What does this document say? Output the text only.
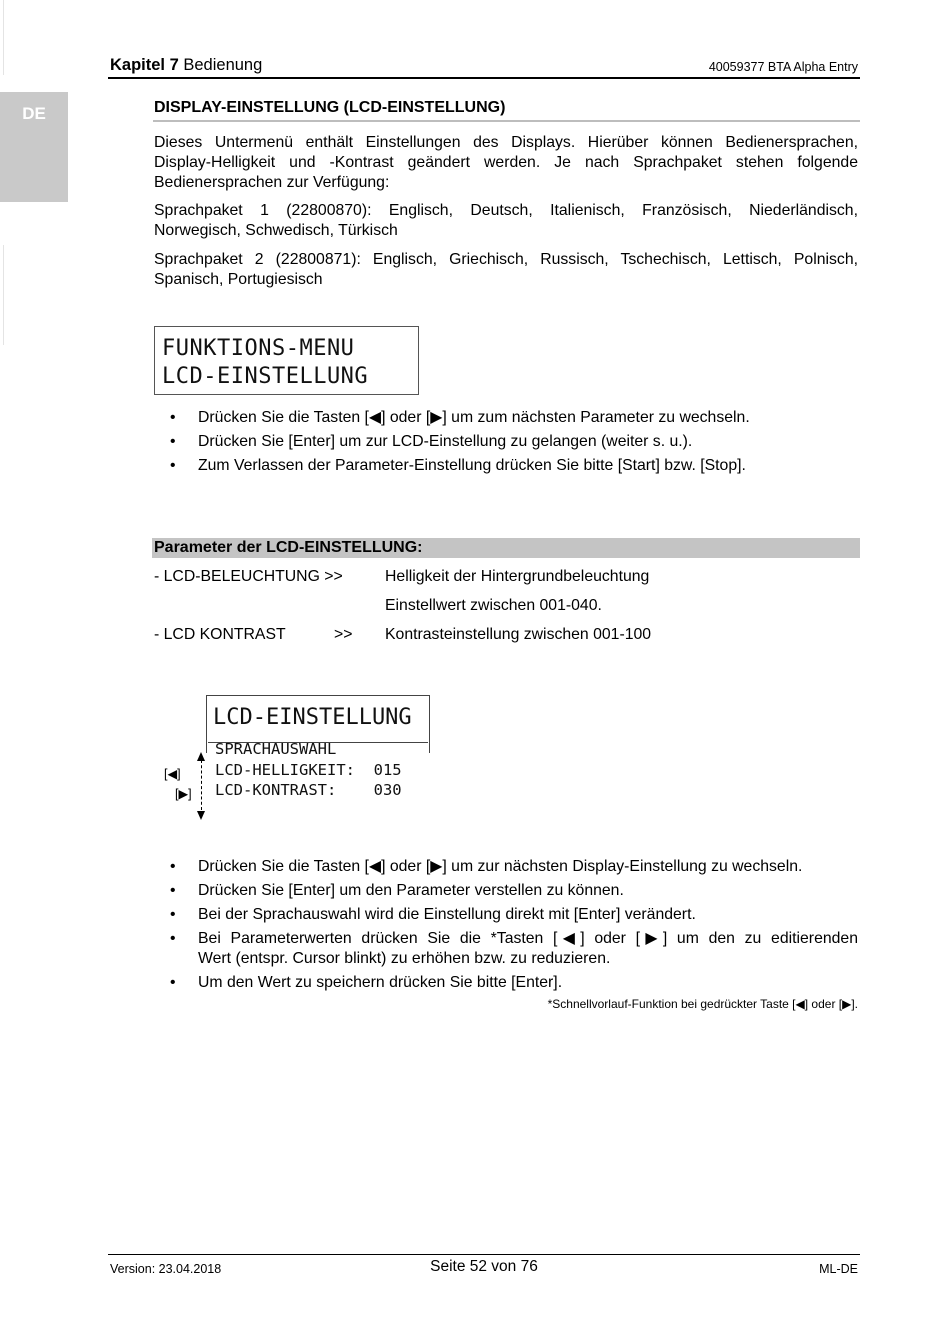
DE
Kapitel 7 Bedienung	40059377 BTA Alpha Entry
DISPLAY-EINSTELLUNG (LCD-EINSTELLUNG)
Dieses Untermenü enthält Einstellungen des Displays. Hierüber können Bedienersprachen,
Display-Helligkeit und -Kontrast geändert werden. Je nach Sprachpaket stehen folgende
Bedienersprachen zur Verfügung:
Sprachpaket 1 (22800870): Englisch, Deutsch, Italienisch, Französisch, Niederländisch,
Norwegisch, Schwedisch, Türkisch
Sprachpaket 2 (22800871): Englisch, Griechisch, Russisch, Tschechisch, Lettisch, Polnisch,
Spanisch, Portugiesisch
FUNKTIONS-MENU
LCD-EINSTELLUNG
• Drücken Sie die Tasten [◀] oder [▶] um zum nächsten Parameter zu wechseln.
• Drücken Sie [Enter] um zur LCD-Einstellung zu gelangen (weiter s. u.).
• Zum Verlassen der Parameter-Einstellung drücken Sie bitte [Start] bzw. [Stop].
Parameter der LCD-EINSTELLUNG:
- LCD-BELEUCHTUNG >>	Helligkeit der Hintergrundbeleuchtung
Einstellwert zwischen 001-040.
- LCD KONTRAST	>> Kontrasteinstellung zwischen 001-100
LCD-EINSTELLUNG
SPRACHAUSWAHL
LCD-HELLIGKEIT:  015
LCD-KONTRAST:    030
[◀]
[▶]
• Drücken Sie die Tasten [◀] oder [▶] um zur nächsten Display-Einstellung zu wechseln.
• Drücken Sie [Enter] um den Parameter verstellen zu können.
• Bei der Sprachauswahl wird die Einstellung direkt mit [Enter] verändert.
• Bei Parameterwerten drücken Sie die *Tasten [◀] oder [▶] um den zu editierenden
Wert (entspr. Cursor blinkt) zu erhöhen bzw. zu reduzieren.
• Um den Wert zu speichern drücken Sie bitte [Enter].
*Schnellvorlauf-Funktion bei gedrückter Taste [◀] oder [▶].
Version: 23.04.2018	Seite 52 von 76	ML-DE
